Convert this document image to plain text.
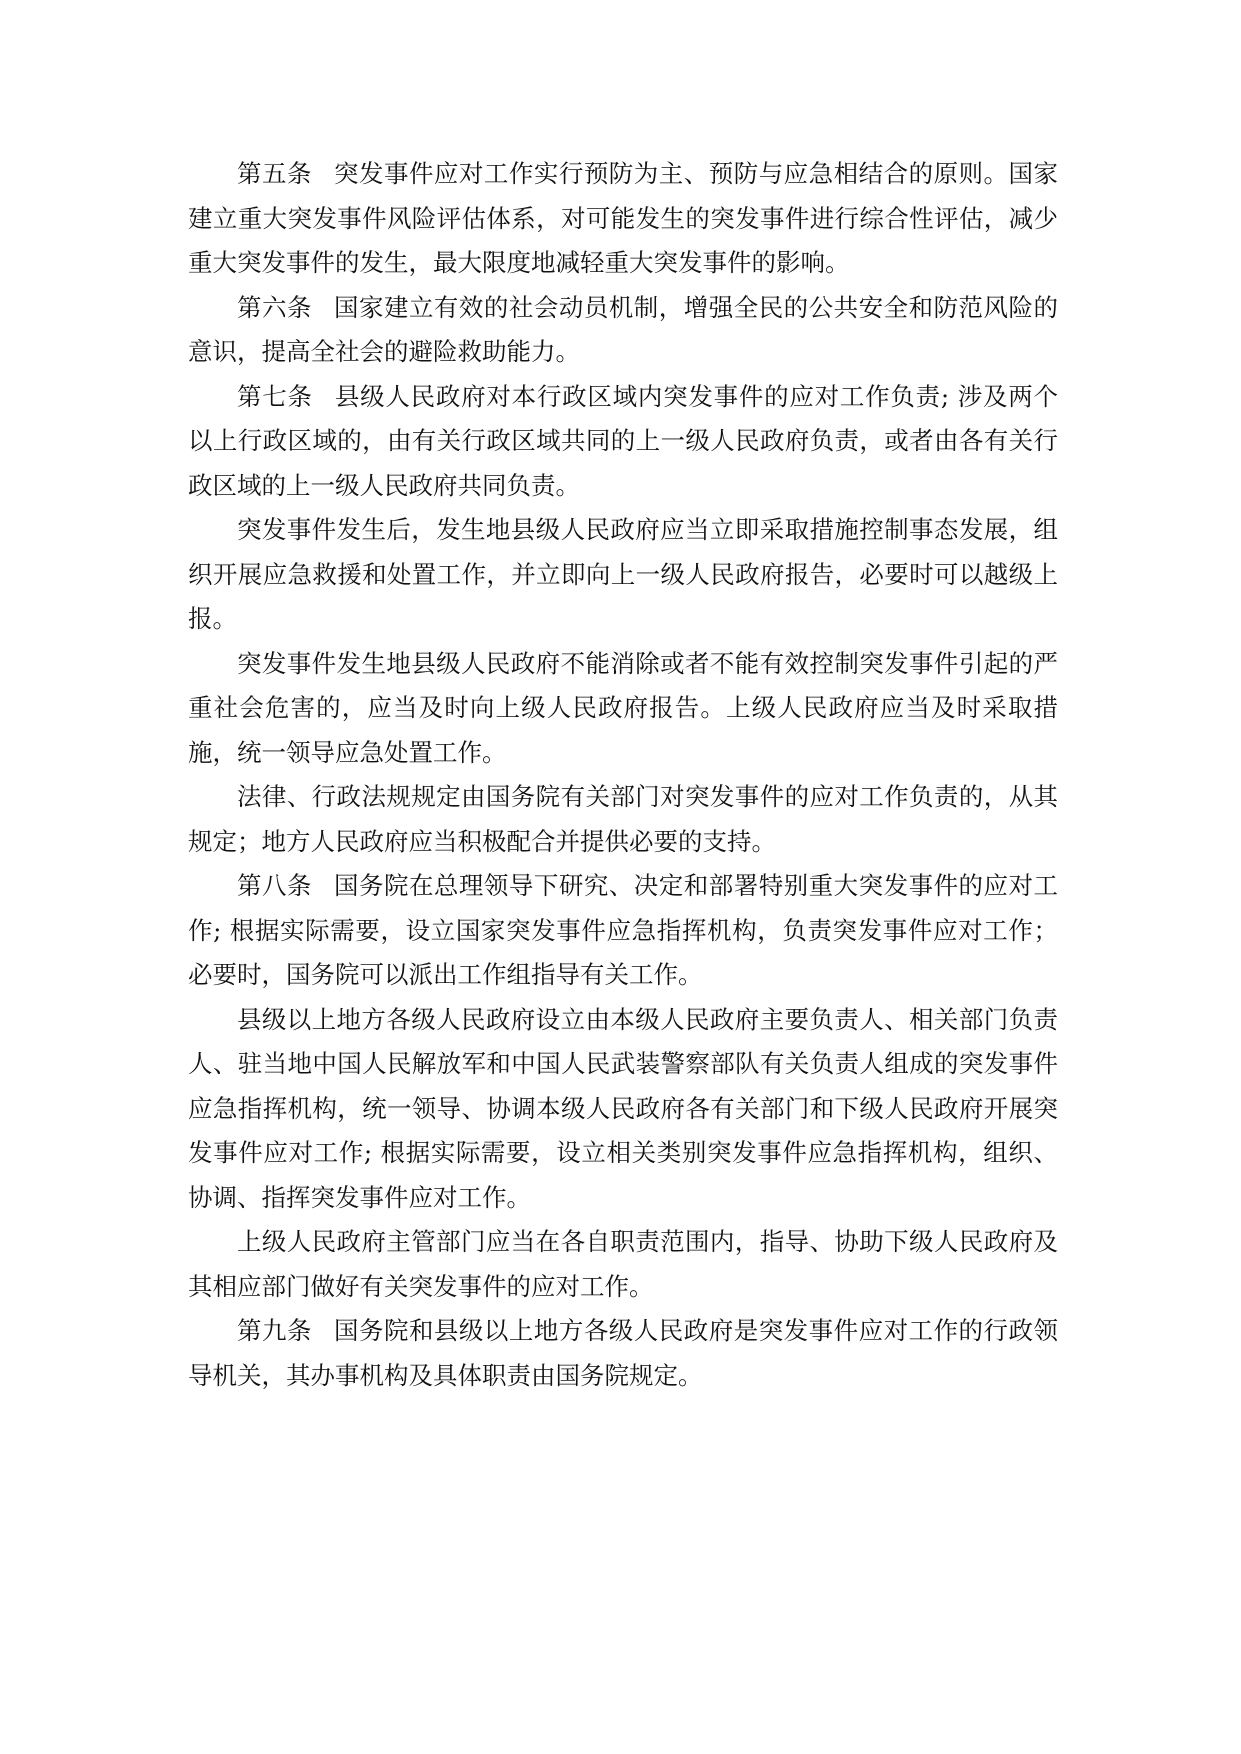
第五条 突发事件应对工作实行预防为主、预防与应急相结合的原则。国家建立重大突发事件风险评估体系，对可能发生的突发事件进行综合性评估，减少重大突发事件的发生，最大限度地减轻重大突发事件的影响。

第六条 国家建立有效的社会动员机制，增强全民的公共安全和防范风险的意识，提高全社会的避险救助能力。

第七条 县级人民政府对本行政区域内突发事件的应对工作负责; 涉及两个以上行政区域的，由有关行政区域共同的上一级人民政府负责，或者由各有关行政区域的上一级人民政府共同负责。

突发事件发生后，发生地县级人民政府应当立即采取措施控制事态发展，组织开展应急救援和处置工作，并立即向上一级人民政府报告，必要时可以越级上报。

突发事件发生地县级人民政府不能消除或者不能有效控制突发事件引起的严重社会危害的，应当及时向上级人民政府报告。上级人民政府应当及时采取措施，统一领导应急处置工作。

法律、行政法规规定由国务院有关部门对突发事件的应对工作负责的，从其规定；地方人民政府应当积极配合并提供必要的支持。

第八条 国务院在总理领导下研究、决定和部署特别重大突发事件的应对工作; 根据实际需要，设立国家突发事件应急指挥机构，负责突发事件应对工作；必要时，国务院可以派出工作组指导有关工作。

县级以上地方各级人民政府设立由本级人民政府主要负责人、相关部门负责人、驻当地中国人民解放军和中国人民武装警察部队有关负责人组成的突发事件应急指挥机构，统一领导、协调本级人民政府各有关部门和下级人民政府开展突发事件应对工作; 根据实际需要，设立相关类别突发事件应急指挥机构，组织、协调、指挥突发事件应对工作。

上级人民政府主管部门应当在各自职责范围内，指导、协助下级人民政府及其相应部门做好有关突发事件的应对工作。

第九条 国务院和县级以上地方各级人民政府是突发事件应对工作的行政领导机关，其办事机构及具体职责由国务院规定。
